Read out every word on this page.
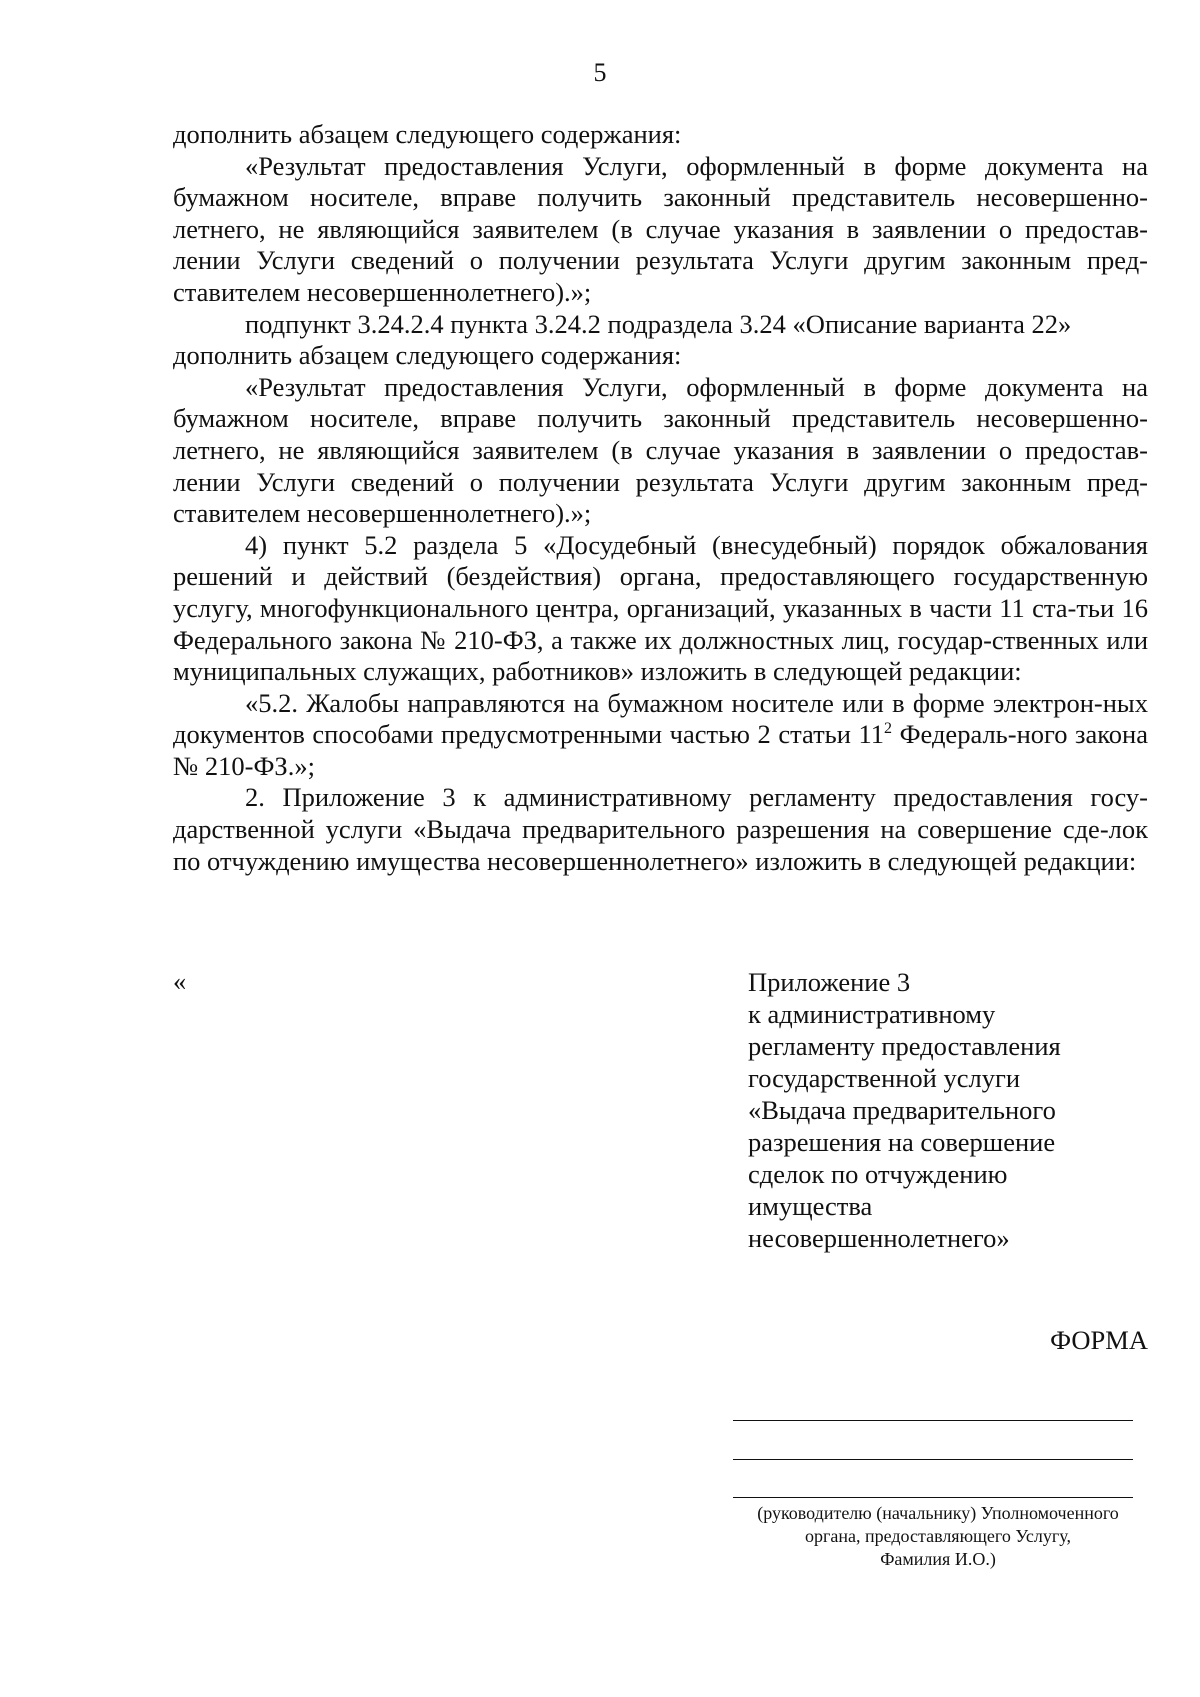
5

дополнить абзацем следующего содержания:

«Результат предоставления Услуги, оформленный в форме документа на бумажном носителе, вправе получить законный представитель несовершенно-летнего, не являющийся заявителем (в случае указания в заявлении о предостав-лении Услуги сведений о получении результата Услуги другим законным пред-ставителем несовершеннолетнего).»;

подпункт 3.24.2.4 пункта 3.24.2 подраздела 3.24 «Описание варианта 22»

дополнить абзацем следующего содержания:

«Результат предоставления Услуги, оформленный в форме документа на бумажном носителе, вправе получить законный представитель несовершенно-летнего, не являющийся заявителем (в случае указания в заявлении о предостав-лении Услуги сведений о получении результата Услуги другим законным пред-ставителем несовершеннолетнего).»;

4) пункт 5.2 раздела 5 «Досудебный (внесудебный) порядок обжалования решений и действий (бездействия) органа, предоставляющего государственную услугу, многофункционального центра, организаций, указанных в части 11 ста-тьи 16 Федерального закона № 210-ФЗ, а также их должностных лиц, государ-ственных или муниципальных служащих, работников» изложить в следующей редакции:

«5.2. Жалобы направляются на бумажном носителе или в форме электрон-ных документов способами предусмотренными частью 2 статьи $11^2$ Федераль-ного закона № 210-ФЗ.»;

2. Приложение 3 к административному регламенту предоставления госу-дарственной услуги «Выдача предварительного разрешения на совершение сде-лок по отчуждению имущества несовершеннолетнего» изложить в следующей редакции:

«	Приложение 3
к административному
регламенту предоставления
государственной услуги
«Выдача предварительного
разрешения на совершение
сделок по отчуждению
имущества
несовершеннолетнего»
ФОРМА
(руководителю (начальнику) Уполномоченного
органа, предоставляющего Услугу,
Фамилия И.О.)
